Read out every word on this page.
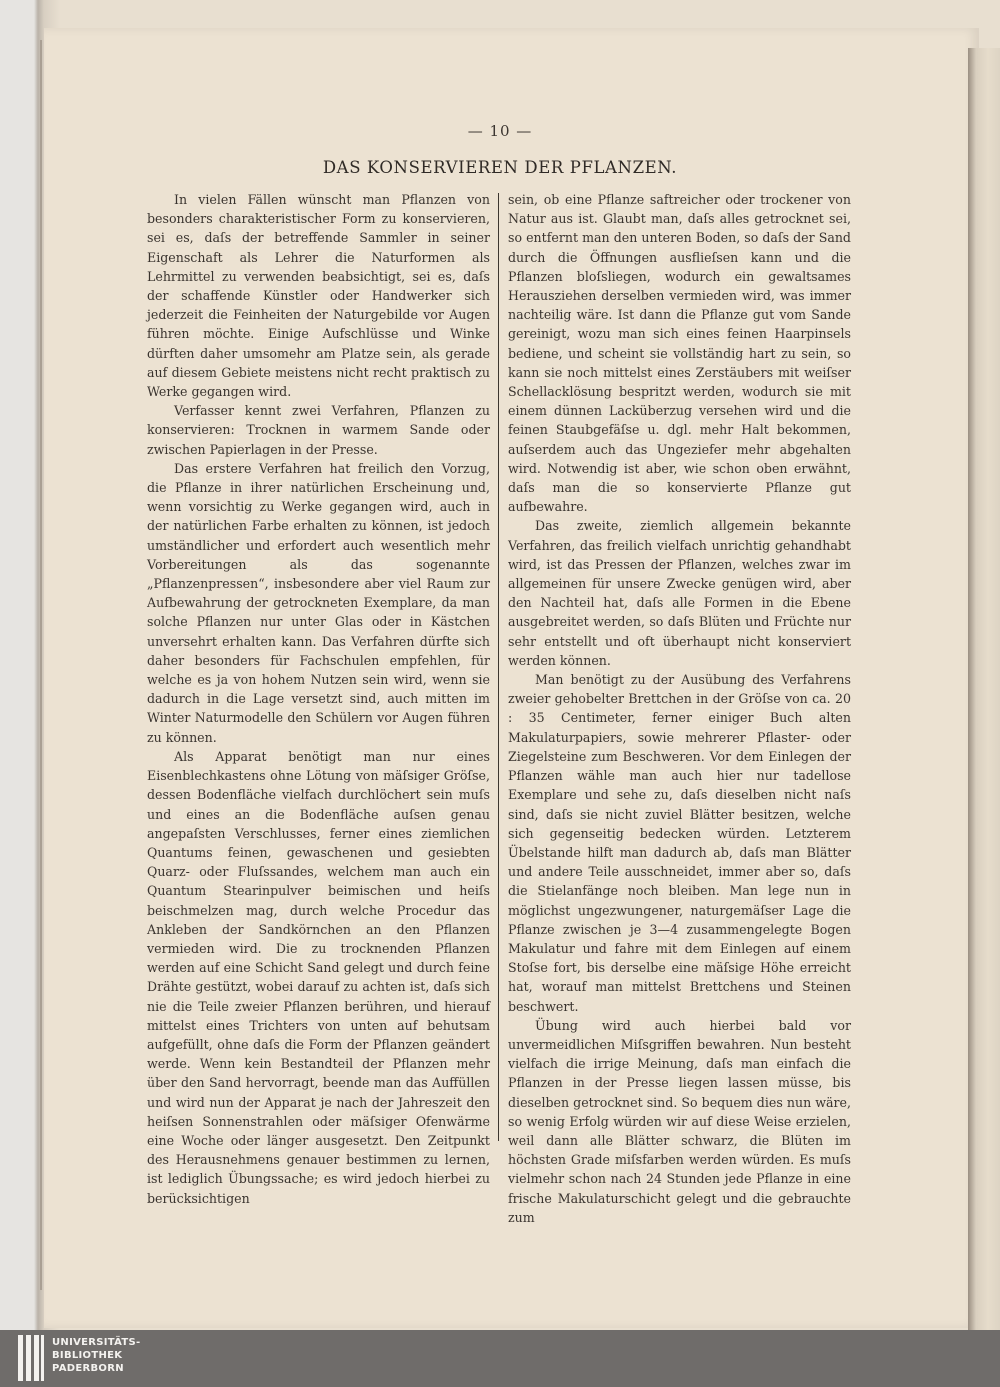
— 10 —
DAS KONSERVIEREN DER PFLANZEN.

In vielen Fällen wünscht man Pflanzen von besonders charakteristischer Form zu konservieren, sei es, daſs der betreffende Sammler in seiner Eigenschaft als Lehrer die Naturformen als Lehrmittel zu verwenden beabsichtigt, sei es, daſs der schaffende Künstler oder Handwerker sich jederzeit die Feinheiten der Naturgebilde vor Augen führen möchte. Einige Aufschlüsse und Winke dürften daher umsomehr am Platze sein, als gerade auf diesem Gebiete meistens nicht recht praktisch zu Werke gegangen wird.

Verfasser kennt zwei Verfahren, Pflanzen zu konservieren: Trocknen in warmem Sande oder zwischen Papierlagen in der Presse.

Das erstere Verfahren hat freilich den Vorzug, die Pflanze in ihrer natürlichen Erscheinung und, wenn vorsichtig zu Werke gegangen wird, auch in der natürlichen Farbe erhalten zu können, ist jedoch umständlicher und erfordert auch wesentlich mehr Vorbereitungen als das sogenannte „Pflanzenpressen“, insbesondere aber viel Raum zur Aufbewahrung der getrockneten Exemplare, da man solche Pflanzen nur unter Glas oder in Kästchen unversehrt erhalten kann. Das Verfahren dürfte sich daher besonders für Fachschulen empfehlen, für welche es ja von hohem Nutzen sein wird, wenn sie dadurch in die Lage versetzt sind, auch mitten im Winter Naturmodelle den Schülern vor Augen führen zu können.

Als Apparat benötigt man nur eines Eisenblechkastens ohne Lötung von mäſsiger Gröſse, dessen Bodenfläche vielfach durchlöchert sein muſs und eines an die Bodenfläche auſsen genau angepaſsten Verschlusses, ferner eines ziemlichen Quantums feinen, gewaschenen und gesiebten Quarz- oder Fluſssandes, welchem man auch ein Quantum Stearinpulver beimischen und heiſs beischmelzen mag, durch welche Procedur das Ankleben der Sandkörnchen an den Pflanzen vermieden wird. Die zu trocknenden Pflanzen werden auf eine Schicht Sand gelegt und durch feine Drähte gestützt, wobei darauf zu achten ist, daſs sich nie die Teile zweier Pflanzen berühren, und hierauf mittelst eines Trichters von unten auf behutsam aufgefüllt, ohne daſs die Form der Pflanzen geändert werde. Wenn kein Bestandteil der Pflanzen mehr über den Sand hervorragt, beende man das Auffüllen und wird nun der Apparat je nach der Jahreszeit den heiſsen Sonnenstrahlen oder mäſsiger Ofenwärme eine Woche oder länger ausgesetzt. Den Zeitpunkt des Herausnehmens genauer bestimmen zu lernen, ist lediglich Übungssache; es wird jedoch hierbei zu berücksichtigen

sein, ob eine Pflanze saftreicher oder trockener von Natur aus ist. Glaubt man, daſs alles getrocknet sei, so entfernt man den unteren Boden, so daſs der Sand durch die Öffnungen ausflieſsen kann und die Pflanzen bloſsliegen, wodurch ein gewaltsames Herausziehen derselben vermieden wird, was immer nachteilig wäre. Ist dann die Pflanze gut vom Sande gereinigt, wozu man sich eines feinen Haarpinsels bediene, und scheint sie vollständig hart zu sein, so kann sie noch mittelst eines Zerstäubers mit weiſser Schellacklösung bespritzt werden, wodurch sie mit einem dünnen Lacküberzug versehen wird und die feinen Staubgefäſse u. dgl. mehr Halt bekommen, auſserdem auch das Ungeziefer mehr abgehalten wird. Notwendig ist aber, wie schon oben erwähnt, daſs man die so konservierte Pflanze gut aufbewahre.

Das zweite, ziemlich allgemein bekannte Verfahren, das freilich vielfach unrichtig gehandhabt wird, ist das Pressen der Pflanzen, welches zwar im allgemeinen für unsere Zwecke genügen wird, aber den Nachteil hat, daſs alle Formen in die Ebene ausgebreitet werden, so daſs Blüten und Früchte nur sehr entstellt und oft überhaupt nicht konserviert werden können.

Man benötigt zu der Ausübung des Verfahrens zweier gehobelter Brettchen in der Gröſse von ca. 20 : 35 Centimeter, ferner einiger Buch alten Makulaturpapiers, sowie mehrerer Pflaster- oder Ziegelsteine zum Beschweren. Vor dem Einlegen der Pflanzen wähle man auch hier nur tadellose Exemplare und sehe zu, daſs dieselben nicht naſs sind, daſs sie nicht zuviel Blätter besitzen, welche sich gegenseitig bedecken würden. Letzterem Übelstande hilft man dadurch ab, daſs man Blätter und andere Teile ausschneidet, immer aber so, daſs die Stielanfänge noch bleiben. Man lege nun in möglichst ungezwungener, naturgemäſser Lage die Pflanze zwischen je 3—4 zusammengelegte Bogen Makulatur und fahre mit dem Einlegen auf einem Stoſse fort, bis derselbe eine mäſsige Höhe erreicht hat, worauf man mittelst Brettchens und Steinen beschwert.

Übung wird auch hierbei bald vor unvermeidlichen Miſsgriffen bewahren. Nun besteht vielfach die irrige Meinung, daſs man einfach die Pflanzen in der Presse liegen lassen müsse, bis dieselben getrocknet sind. So bequem dies nun wäre, so wenig Erfolg würden wir auf diese Weise erzielen, weil dann alle Blätter schwarz, die Blüten im höchsten Grade miſsfarben werden würden. Es muſs vielmehr schon nach 24 Stunden jede Pflanze in eine frische Makulaturschicht gelegt und die gebrauchte zum

UNIVERSITÄTS-
BIBLIOTHEK
PADERBORN
